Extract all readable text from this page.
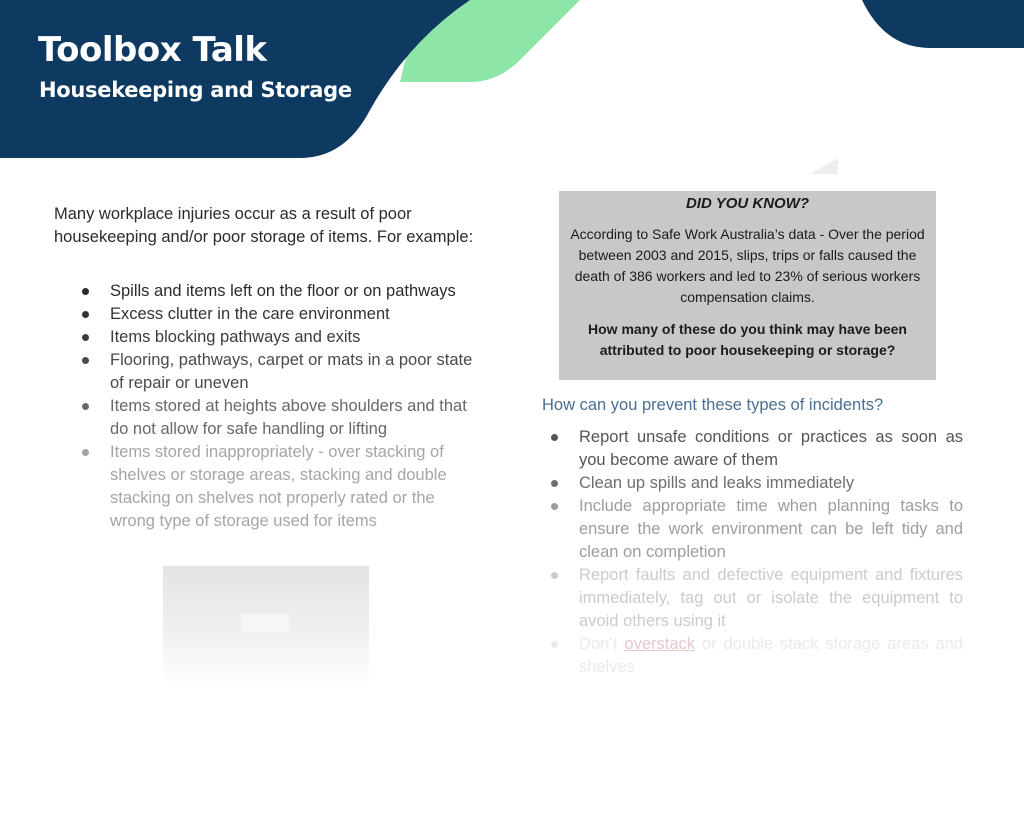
Toolbox Talk
Housekeeping and Storage

Many workplace injuries occur as a result of poor housekeeping and/or poor storage of items. For example:

Spills and items left on the floor or on pathways
Excess clutter in the care environment
Items blocking pathways and exits
Flooring, pathways, carpet or mats in a poor state of repair or uneven
Items stored at heights above shoulders and that do not allow for safe handling or lifting
Items stored inappropriately - over stacking of shelves or storage areas, stacking and double stacking on shelves not properly rated or the wrong type of storage used for items

DID YOU KNOW?

According to Safe Work Australia’s data - Over the period between 2003 and 2015, slips, trips or falls caused the death of 386 workers and led to 23% of serious workers compensation claims.

How many of these do you think may have been attributed to poor housekeeping or storage?

How can you prevent these types of incidents?
Report unsafe conditions or practices as soon as you become aware of them
Clean up spills and leaks immediately
Include appropriate time when planning tasks to ensure the work environment can be left tidy and clean on completion
Report faults and defective equipment and fixtures immediately, tag out or isolate the equipment to avoid others using it
Don’t overstack or double stack storage areas and shelves
